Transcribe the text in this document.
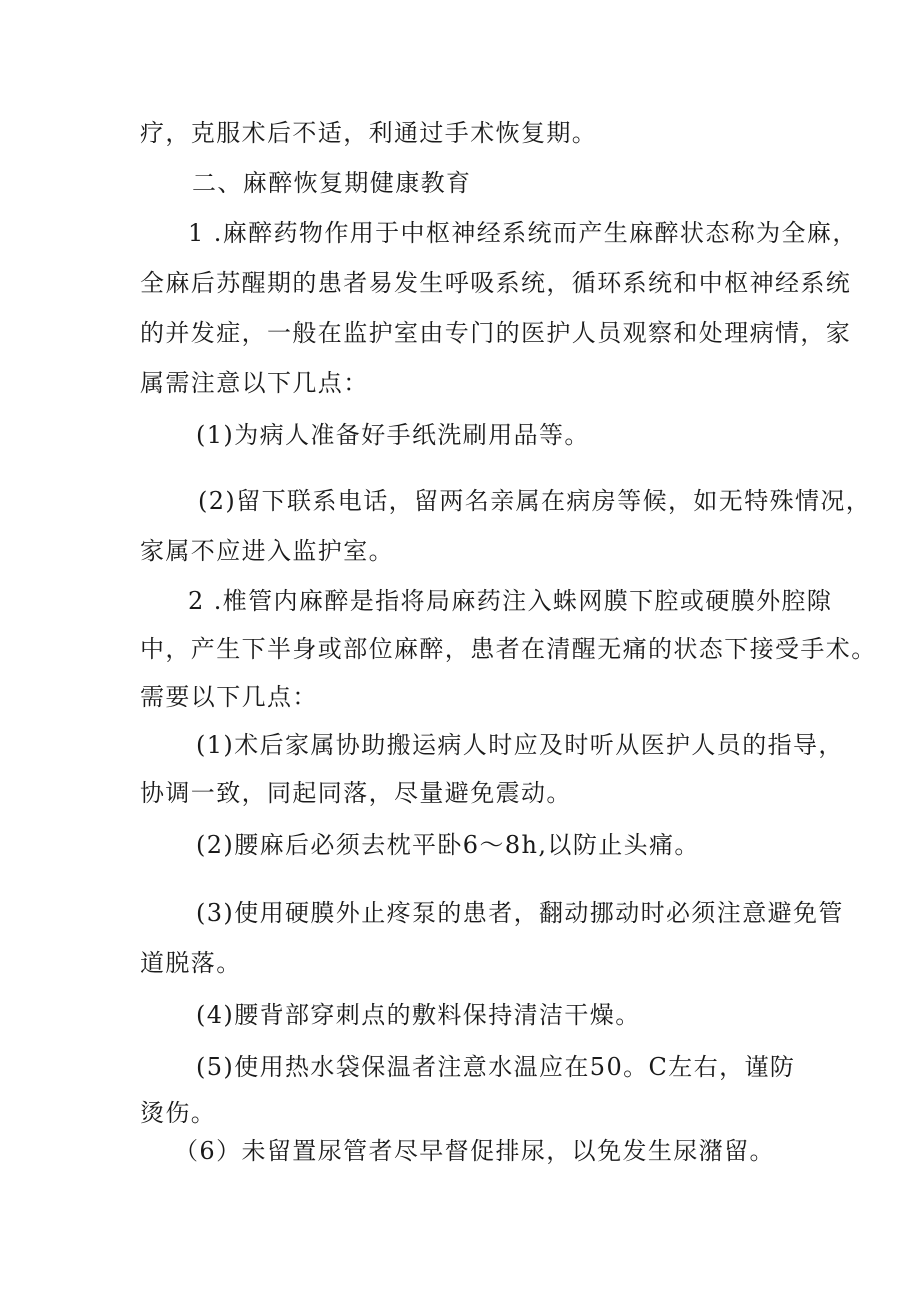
疗，克服术后不适，利通过手术恢复期。

二、麻醉恢复期健康教育

1 .麻醉药物作用于中枢神经系统而产生麻醉状态称为全麻，

全麻后苏醒期的患者易发生呼吸系统，循环系统和中枢神经系统

的并发症，一般在监护室由专门的医护人员观察和处理病情，家

属需注意以下几点：

(1)为病人准备好手纸洗刷用品等。

(2)留下联系电话，留两名亲属在病房等候，如无特殊情况，

家属不应进入监护室。

2 .椎管内麻醉是指将局麻药注入蛛网膜下腔或硬膜外腔隙

中，产生下半身或部位麻醉，患者在清醒无痛的状态下接受手术。

需要以下几点：

(1)术后家属协助搬运病人时应及时听从医护人员的指导，

协调一致，同起同落，尽量避免震动。

(2)腰麻后必须去枕平卧6～8h,以防止头痛。

(3)使用硬膜外止疼泵的患者，翻动挪动时必须注意避免管

道脱落。

(4)腰背部穿刺点的敷料保持清洁干燥。

(5)使用热水袋保温者注意水温应在50。C左右，谨防

烫伤。

（6）未留置尿管者尽早督促排尿，以免发生尿潴留。
